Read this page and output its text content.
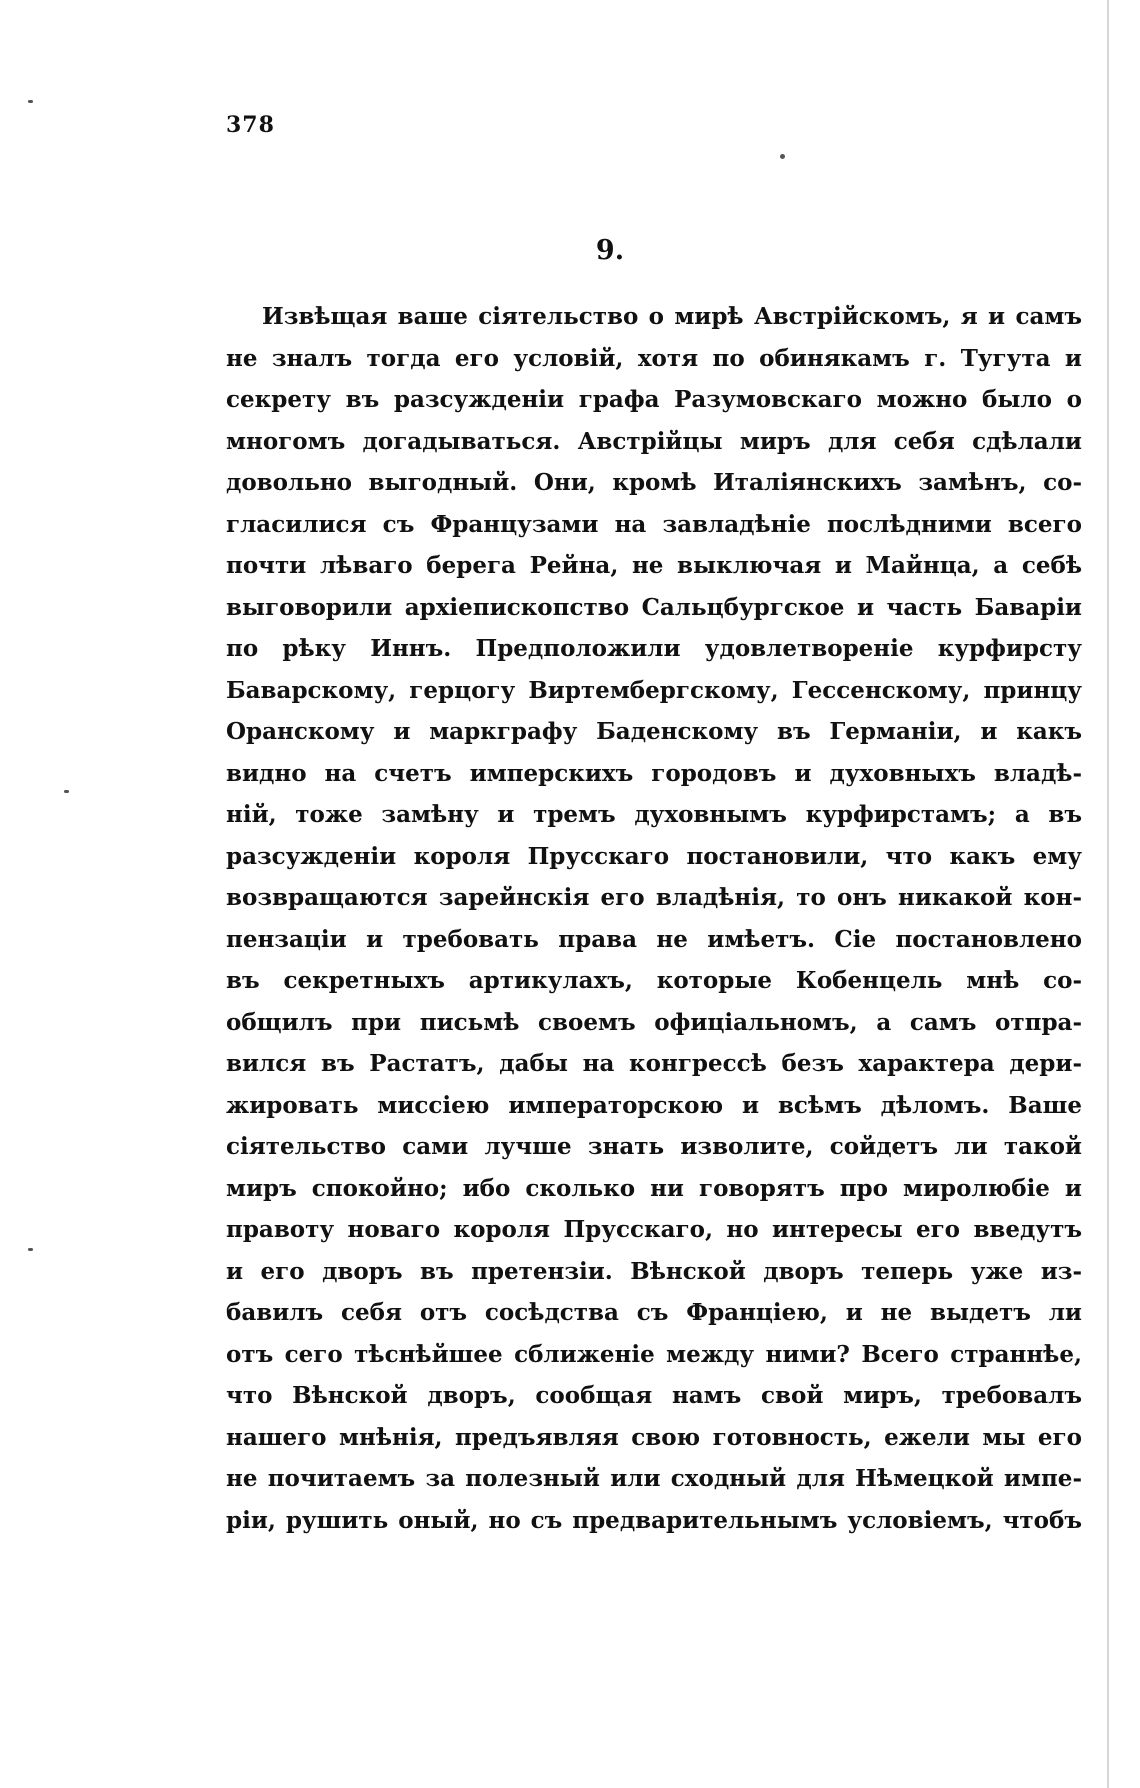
378
9.
Извѣщая ваше сіятельство о мирѣ Австрійскомъ, я и самъ
не зналъ тогда его условій, хотя по обинякамъ г. Тугута и
секрету въ разсужденіи графа Разумовскаго можно было о
многомъ догадываться. Австрійцы миръ для себя сдѣлали
довольно выгодный. Они, кромѣ Италіянскихъ замѣнъ, со-
гласилися съ Французами на завладѣніе послѣдними всего
почти лѣваго берега Рейна, не выключая и Майнца, а себѣ
выговорили архіепископство Сальцбургское и часть Баваріи
по рѣку Иннъ. Предположили удовлетвореніе курфирсту
Баварскому, герцогу Виртембергскому, Гессенскому, принцу
Оранскому и маркграфу Баденскому въ Германіи, и какъ
видно на счетъ имперскихъ городовъ и духовныхъ владѣ-
ній, тоже замѣну и тремъ духовнымъ курфирстамъ; а въ
разсужденіи короля Прусскаго постановили, что какъ ему
возвращаются зарейнскія его владѣнія, то онъ никакой кон-
пензаціи и требовать права не имѣетъ. Сіе постановлено
въ секретныхъ артикулахъ, которые Кобенцель мнѣ со-
общилъ при письмѣ своемъ офиціальномъ, а самъ отпра-
вился въ Растатъ, дабы на конгрессѣ безъ характера дери-
жировать миссіею императорскою и всѣмъ дѣломъ. Ваше
сіятельство сами лучше знать изволите, сойдетъ ли такой
миръ спокойно; ибо сколько ни говорятъ про миролюбіе и
правоту новаго короля Прусскаго, но интересы его введутъ
и его дворъ въ претензіи. Вѣнской дворъ теперь уже из-
бавилъ себя отъ сосѣдства съ Франціею, и не выдетъ ли
отъ сего тѣснѣйшее сближеніе между ними? Всего страннѣе,
что Вѣнской дворъ, сообщая намъ свой миръ, требовалъ
нашего мнѣнія, предъявляя свою готовность, ежели мы его
не почитаемъ за полезный или сходный для Нѣмецкой импе-
ріи, рушить оный, но съ предварительнымъ условіемъ, чтобъ
